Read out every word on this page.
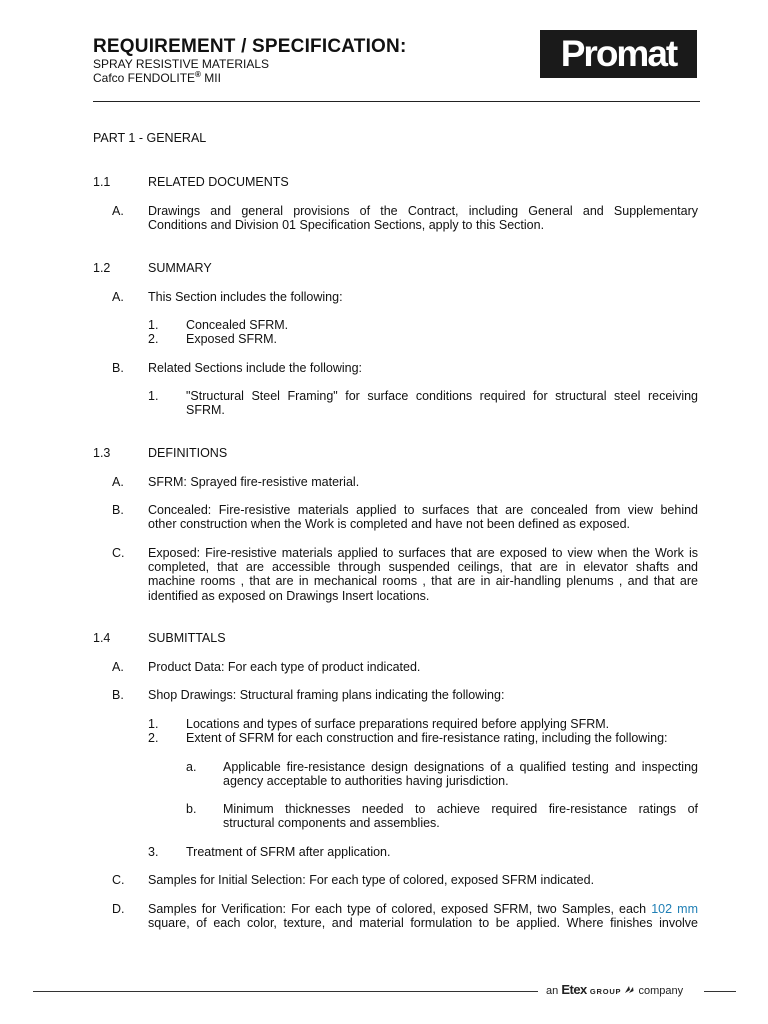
REQUIREMENT / SPECIFICATION:
SPRAY RESISTIVE MATERIALS
Cafco FENDOLITE® MII
Promat
PART 1 - GENERAL
1.1	RELATED DOCUMENTS
A. Drawings and general provisions of the Contract, including General and Supplementary
Conditions and Division 01 Specification Sections, apply to this Section.
1.2	SUMMARY
A. This Section includes the following:
1. Concealed SFRM.
2. Exposed SFRM.
B. Related Sections include the following:
1. "Structural Steel Framing" for surface conditions required for structural steel receiving
SFRM.
1.3	DEFINITIONS
A. SFRM: Sprayed fire-resistive material.
B. Concealed: Fire-resistive materials applied to surfaces that are concealed from view behind
other construction when the Work is completed and have not been defined as exposed.
C. Exposed: Fire-resistive materials applied to surfaces that are exposed to view when the Work is
completed, that are accessible through suspended ceilings, that are in elevator shafts and
machine rooms , that are in mechanical rooms , that are in air-handling plenums , and that are
identified as exposed on Drawings Insert locations.
1.4	SUBMITTALS
A. Product Data: For each type of product indicated.
B. Shop Drawings: Structural framing plans indicating the following:
1. Locations and types of surface preparations required before applying SFRM.
2. Extent of SFRM for each construction and fire-resistance rating, including the following:
a. Applicable fire-resistance design designations of a qualified testing and inspecting
agency acceptable to authorities having jurisdiction.
b. Minimum thicknesses needed to achieve required fire-resistance ratings of
structural components and assemblies.
3. Treatment of SFRM after application.
C. Samples for Initial Selection: For each type of colored, exposed SFRM indicated.
D. Samples for Verification: For each type of colored, exposed SFRM, two Samples, each 102 mm
square, of each color, texture, and material formulation to be applied. Where finishes involve
an Etex GROUP company
